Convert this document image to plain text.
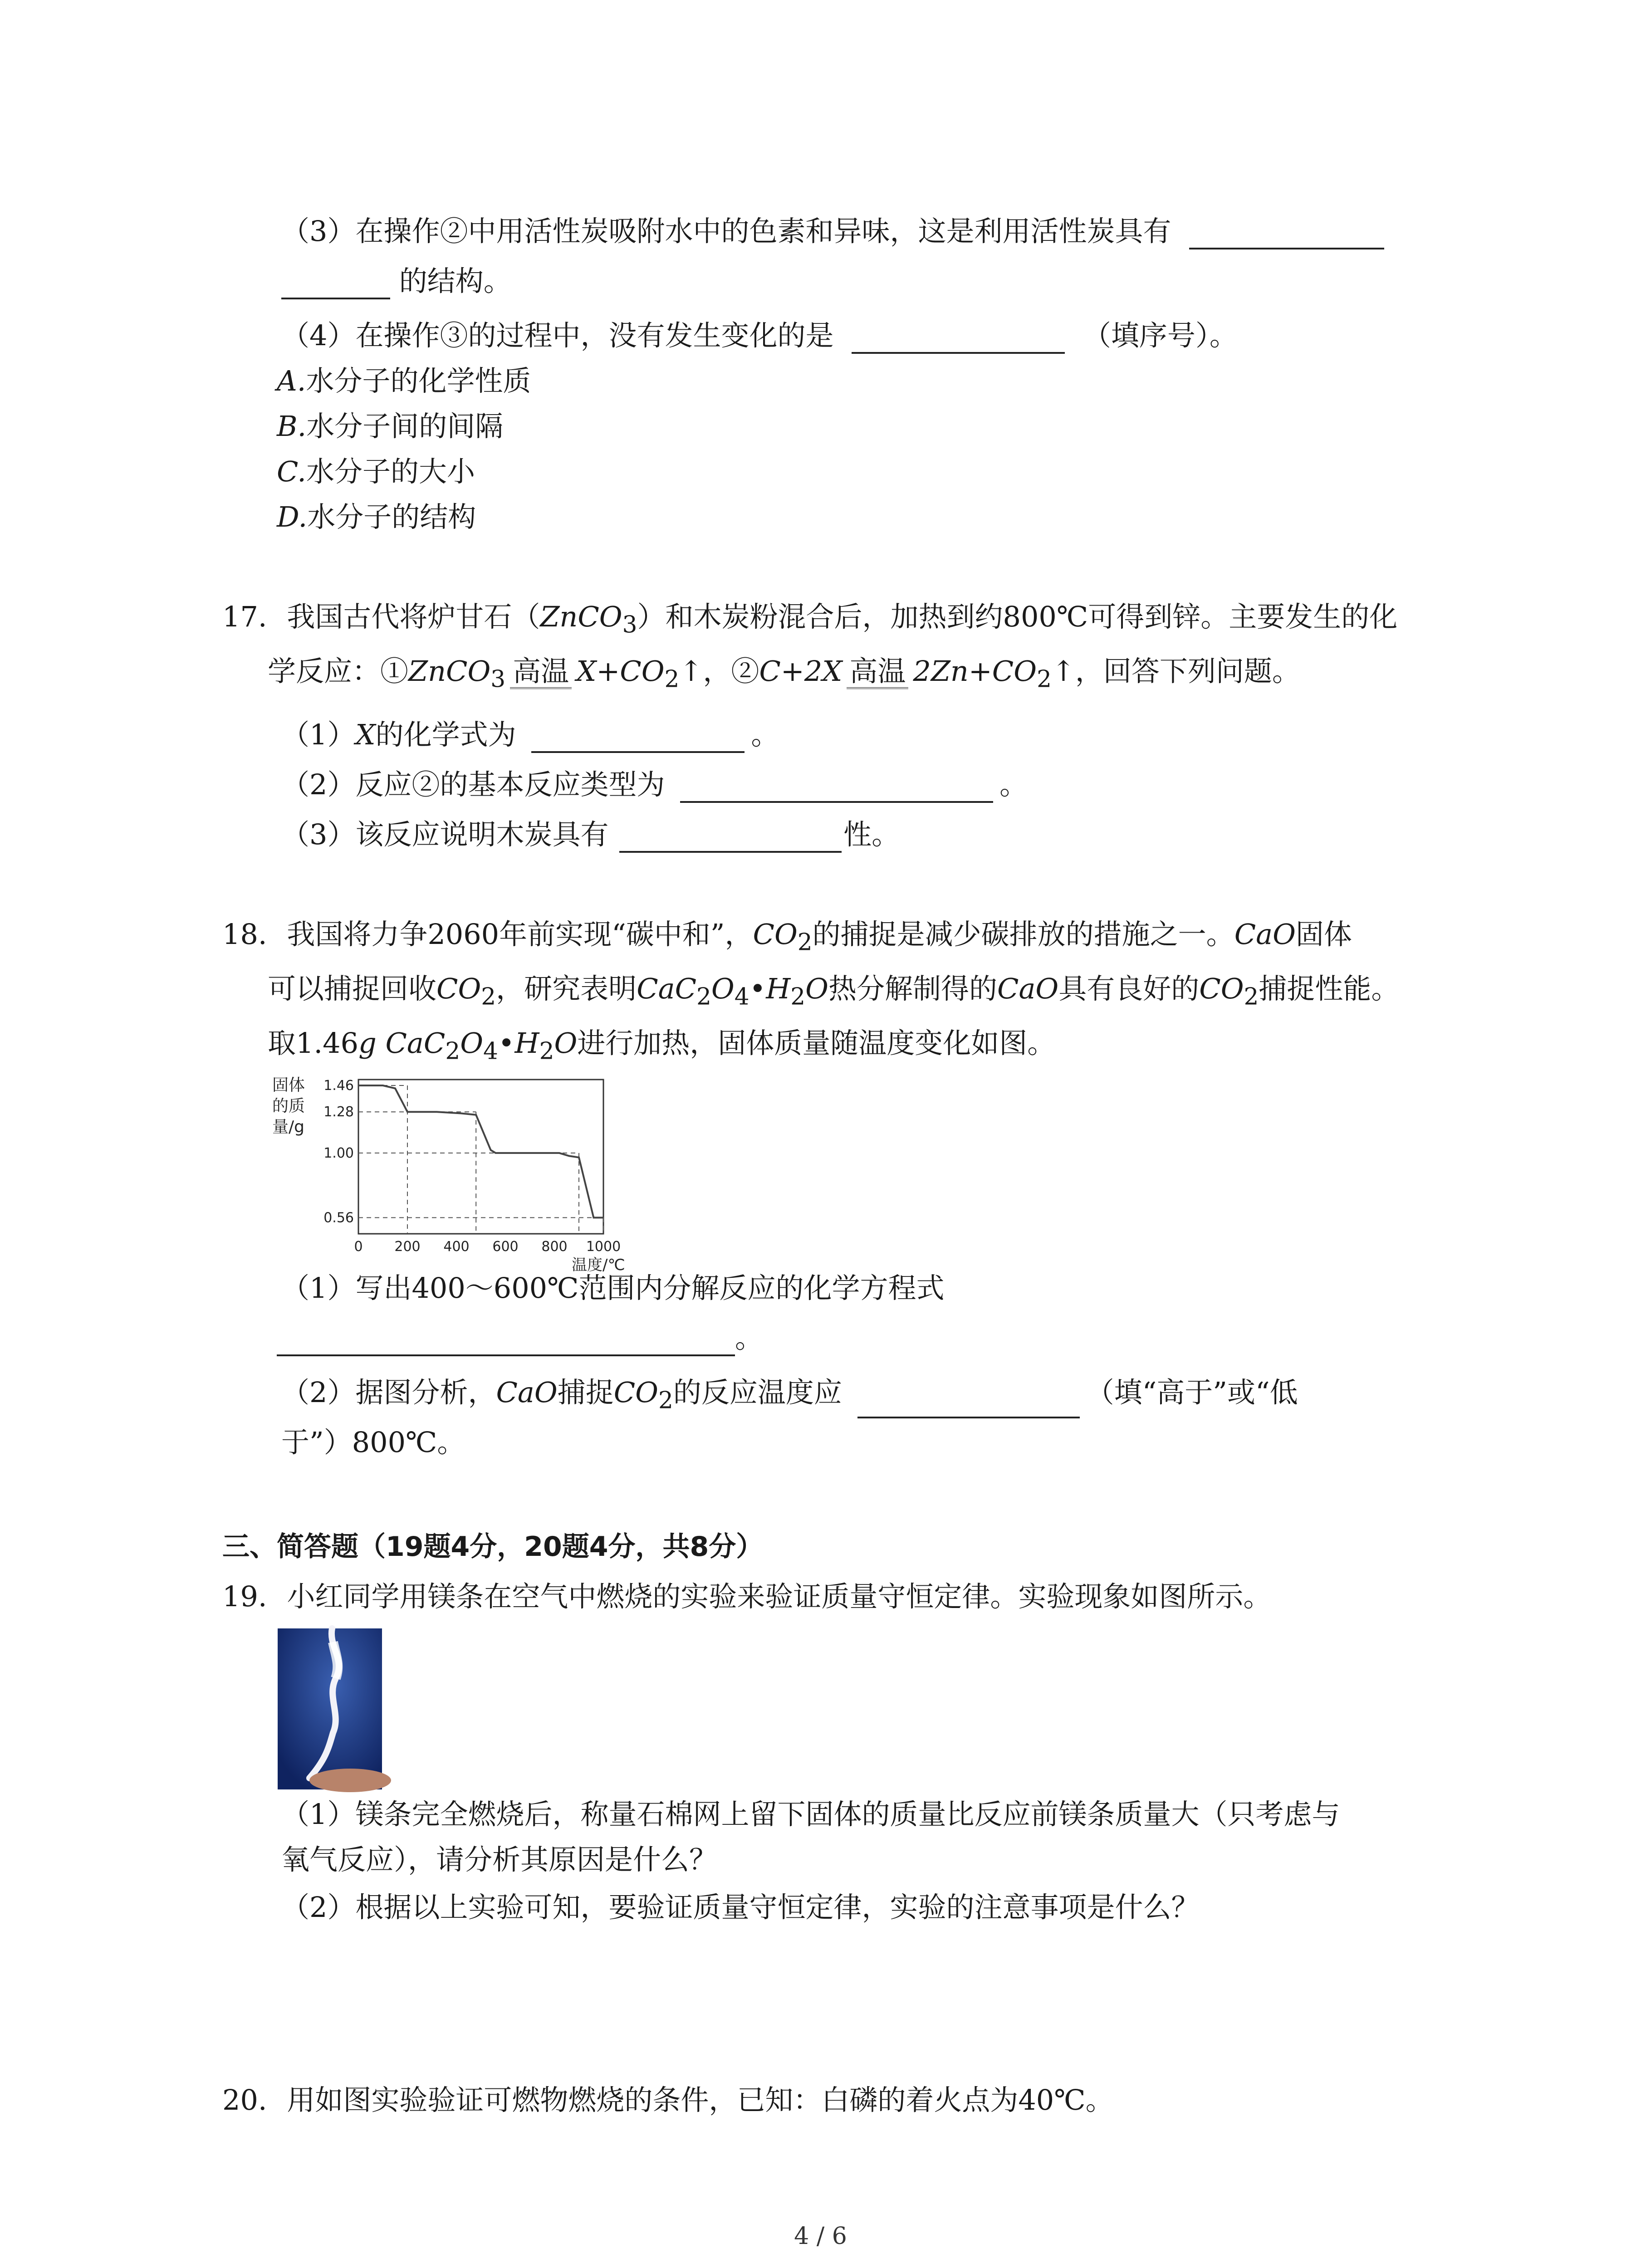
（3）在操作②中用活性炭吸附水中的色素和异味，这是利用活性炭具有
的结构。
（4）在操作③的过程中，没有发生变化的是	（填序号）。
A.水分子的化学性质
B.水分子间的间隔
C.水分子的大小
D.水分子的结构
17. 我国古代将炉甘石（ZnCO$_3$）和木炭粉混合后，加热到约800℃可得到锌。主要发生的化
学反应：①ZnCO$_3$ 高温 $X+CO_2↑$，②C+2X 高温 $2Zn+CO_2↑$，回答下列问题。
（1）X的化学式为	。
（2）反应②的基本反应类型为	。
（3）该反应说明木炭具有	性。
18. 我国将力争2060年前实现“碳中和”，$CO_2$的捕捉是减少碳排放的措施之一。CaO固体
可以捕捉回收$CO_2$，研究表明$CaC_2O_4•H_2O$热分解制得的CaO具有良好的$CO_2$捕捉性能。
取1.46g $CaC_2O_4•H_2O$进行加热，固体质量随温度变化如图。
固体
的质
量/g
1.46
1.28
1.00
0.56
0 200 400 600 800 1000
温度/℃
（1）写出400～600℃范围内分解反应的化学方程式
。
（2）据图分析，CaO捕捉$CO_2$的反应温度应	（填“高于”或“低
于”）800℃。
三、简答题（19题4分，20题4分，共8分）
19. 小红同学用镁条在空气中燃烧的实验来验证质量守恒定律。实验现象如图所示。
（1）镁条完全燃烧后，称量石棉网上留下固体的质量比反应前镁条质量大（只考虑与
氧气反应），请分析其原因是什么？
（2）根据以上实验可知，要验证质量守恒定律，实验的注意事项是什么？
20. 用如图实验验证可燃物燃烧的条件，已知：白磷的着火点为40℃。
4 / 6
